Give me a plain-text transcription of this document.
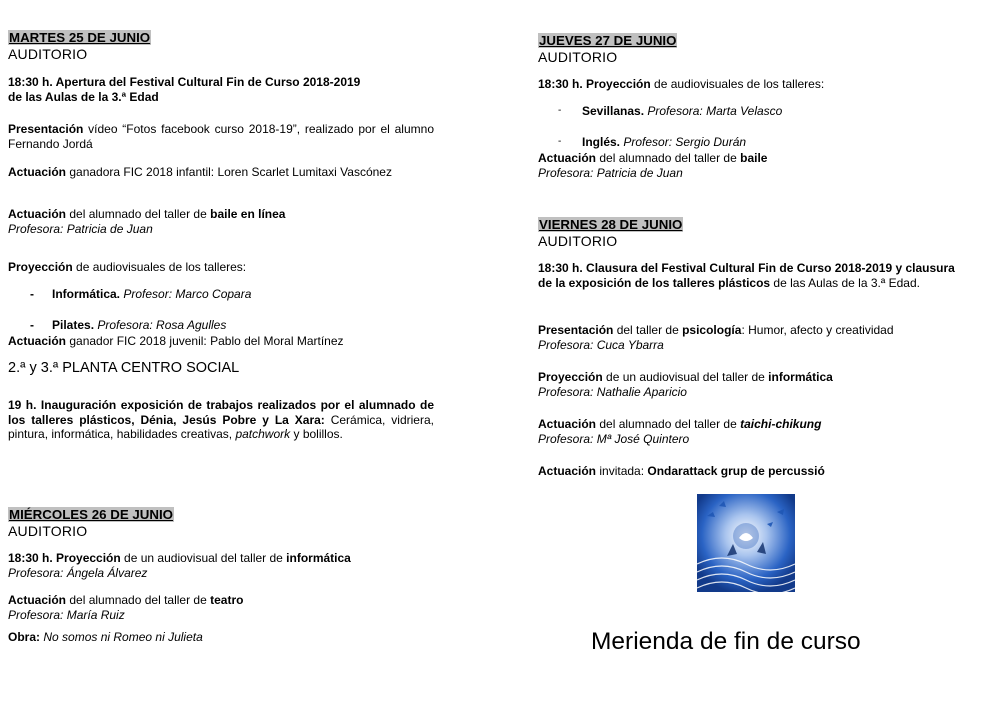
MARTES 25 DE JUNIO
AUDITORIO
18:30 h. Apertura del Festival Cultural Fin de Curso 2018-2019
de las Aulas de la 3.ª Edad
Presentación vídeo “Fotos facebook curso 2018-19”, realizado por el alumno Fernando Jordá
Actuación ganadora FIC 2018 infantil: Loren Scarlet Lumitaxi Vascónez
Actuación del alumnado del taller de baile en línea
Profesora: Patricia de Juan
Proyección de audiovisuales de los talleres:
- Informática. Profesor: Marco Copara
- Pilates. Profesora: Rosa Agulles
Actuación ganador FIC 2018 juvenil: Pablo del Moral Martínez
2.ª y 3.ª PLANTA CENTRO SOCIAL
19 h. Inauguración exposición de trabajos realizados por el alumnado de los talleres plásticos, Dénia, Jesús Pobre y La Xara: Cerámica, vidriera, pintura, informática, habilidades creativas, patchwork y bolillos.
MIÉRCOLES 26 DE JUNIO
AUDITORIO
18:30 h. Proyección de un audiovisual del taller de informática
Profesora: Ángela Álvarez
Actuación del alumnado del taller de teatro
Profesora: María Ruiz
Obra: No somos ni Romeo ni Julieta
JUEVES 27 DE JUNIO
AUDITORIO
18:30 h. Proyección de audiovisuales de los talleres:
- Sevillanas. Profesora: Marta Velasco
- Inglés. Profesor: Sergio Durán
Actuación del alumnado del taller de baile
Profesora: Patricia de Juan
VIERNES 28 DE JUNIO
AUDITORIO
18:30 h. Clausura del Festival Cultural Fin de Curso 2018-2019 y clausura de la exposición de los talleres plásticos de las Aulas de la 3.ª Edad.
Presentación del taller de psicología: Humor, afecto y creatividad
Profesora: Cuca Ybarra
Proyección de un audiovisual del taller de informática
Profesora: Nathalie Aparicio
Actuación del alumnado del taller de taichi-chikung
Profesora: Mª José Quintero
Actuación invitada: Ondarattack grup de percussió
Merienda de fin de curso
